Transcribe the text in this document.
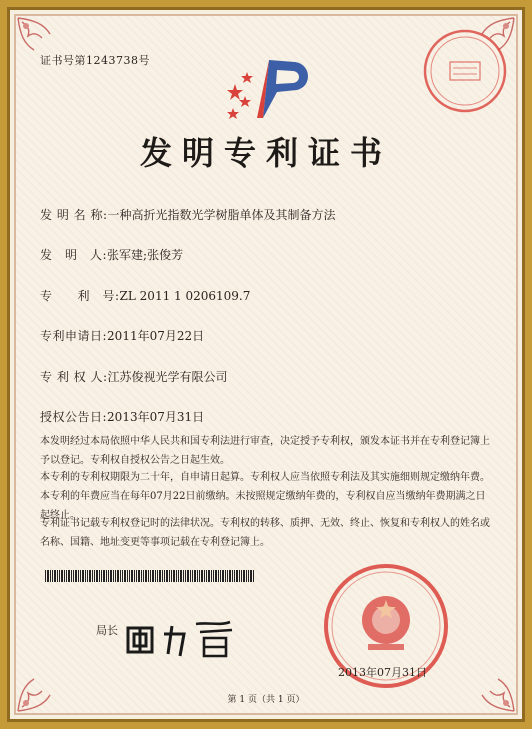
证书号第1243738号
发明专利证书
发 明 名 称:一种高折光指数光学树脂单体及其制备方法
发　明　人:张军建;张俊芳
专　　利　号:ZL 2011 1 0206109.7
专利申请日:2011年07月22日
专 利 权 人:江苏俊视光学有限公司
授权公告日:2013年07月31日
本发明经过本局依照中华人民共和国专利法进行审查，决定授予专利权，颁发本证书并在专利登记簿上予以登记。专利权自授权公告之日起生效。
本专利的专利权期限为二十年，自申请日起算。专利权人应当依照专利法及其实施细则规定缴纳年费。本专利的年费应当在每年07月22日前缴纳。未按照规定缴纳年费的，专利权自应当缴纳年费期满之日起终止。
专利证书记载专利权登记时的法律状况。专利权的转移、质押、无效、终止、恢复和专利权人的姓名或名称、国籍、地址变更等事项记载在专利登记簿上。
局长
2013年07月31日
第 1 页（共 1 页）
